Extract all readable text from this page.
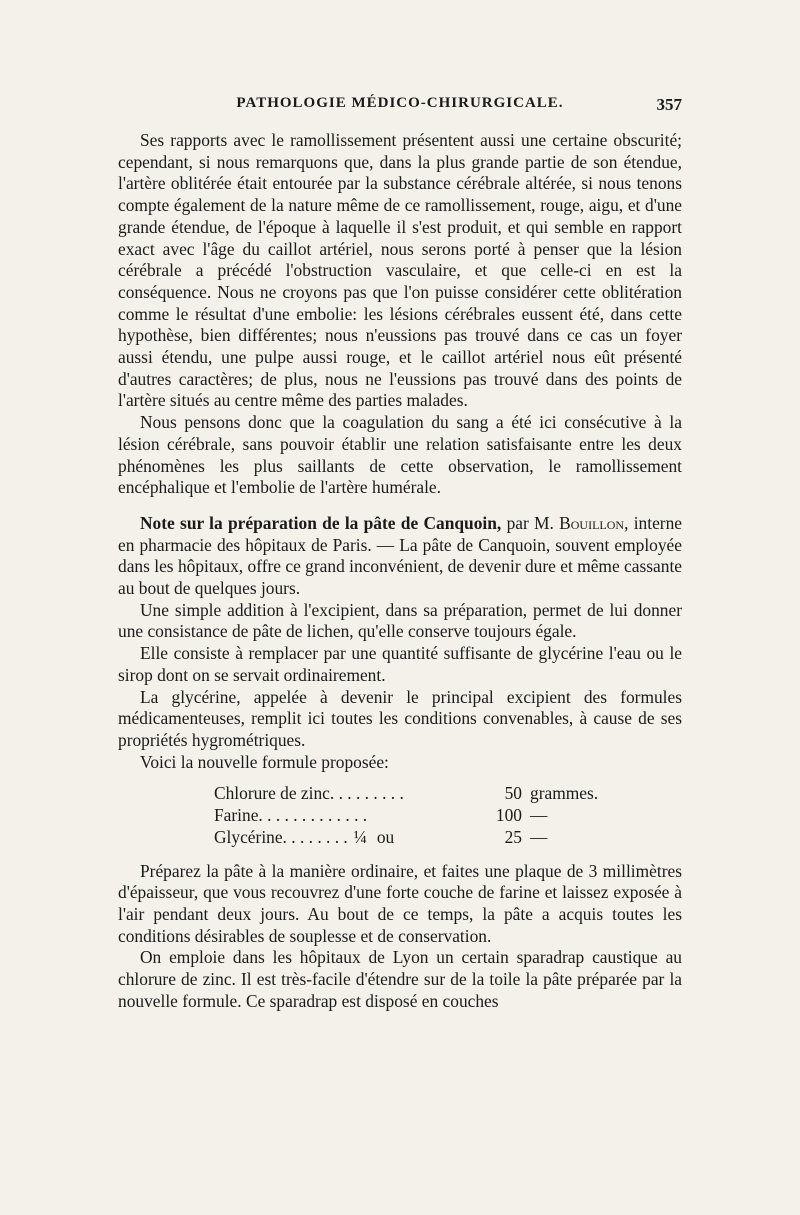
PATHOLOGIE MÉDICO-CHIRURGICALE.	357

Ses rapports avec le ramollissement présentent aussi une certaine obscurité; cependant, si nous remarquons que, dans la plus grande partie de son étendue, l'artère oblitérée était entourée par la substance cérébrale altérée, si nous tenons compte également de la nature même de ce ramollissement, rouge, aigu, et d'une grande étendue, de l'époque à laquelle il s'est produit, et qui semble en rapport exact avec l'âge du caillot artériel, nous serons porté à penser que la lésion cérébrale a précédé l'obstruction vasculaire, et que celle-ci en est la conséquence. Nous ne croyons pas que l'on puisse considérer cette oblitération comme le résultat d'une embolie: les lésions cérébrales eussent été, dans cette hypothèse, bien différentes; nous n'eussions pas trouvé dans ce cas un foyer aussi étendu, une pulpe aussi rouge, et le caillot artériel nous eût présenté d'autres caractères; de plus, nous ne l'eussions pas trouvé dans des points de l'artère situés au centre même des parties malades.

Nous pensons donc que la coagulation du sang a été ici consécutive à la lésion cérébrale, sans pouvoir établir une relation satisfaisante entre les deux phénomènes les plus saillants de cette observation, le ramollissement encéphalique et l'embolie de l'artère humérale.

Note sur la préparation de la pâte de Canquoin, par M. Bouillon, interne en pharmacie des hôpitaux de Paris. — La pâte de Canquoin, souvent employée dans les hôpitaux, offre ce grand inconvénient, de devenir dure et même cassante au bout de quelques jours.

Une simple addition à l'excipient, dans sa préparation, permet de lui donner une consistance de pâte de lichen, qu'elle conserve toujours égale.

Elle consiste à remplacer par une quantité suffisante de glycérine l'eau ou le sirop dont on se servait ordinairement.

La glycérine, appelée à devenir le principal excipient des formules médicamenteuses, remplit ici toutes les conditions convenables, à cause de ses propriétés hygrométriques.

Voici la nouvelle formule proposée:

Chlorure de zinc. . . . . . . . .	50 grammes.
Farine. . . . . . . . . . . . .	100 —
Glycérine. . . . . . . . ¼ ou	25 —

Préparez la pâte à la manière ordinaire, et faites une plaque de 3 millimètres d'épaisseur, que vous recouvrez d'une forte couche de farine et laissez exposée à l'air pendant deux jours. Au bout de ce temps, la pâte a acquis toutes les conditions désirables de souplesse et de conservation.

On emploie dans les hôpitaux de Lyon un certain sparadrap caustique au chlorure de zinc. Il est très-facile d'étendre sur de la toile la pâte préparée par la nouvelle formule. Ce sparadrap est disposé en couches
